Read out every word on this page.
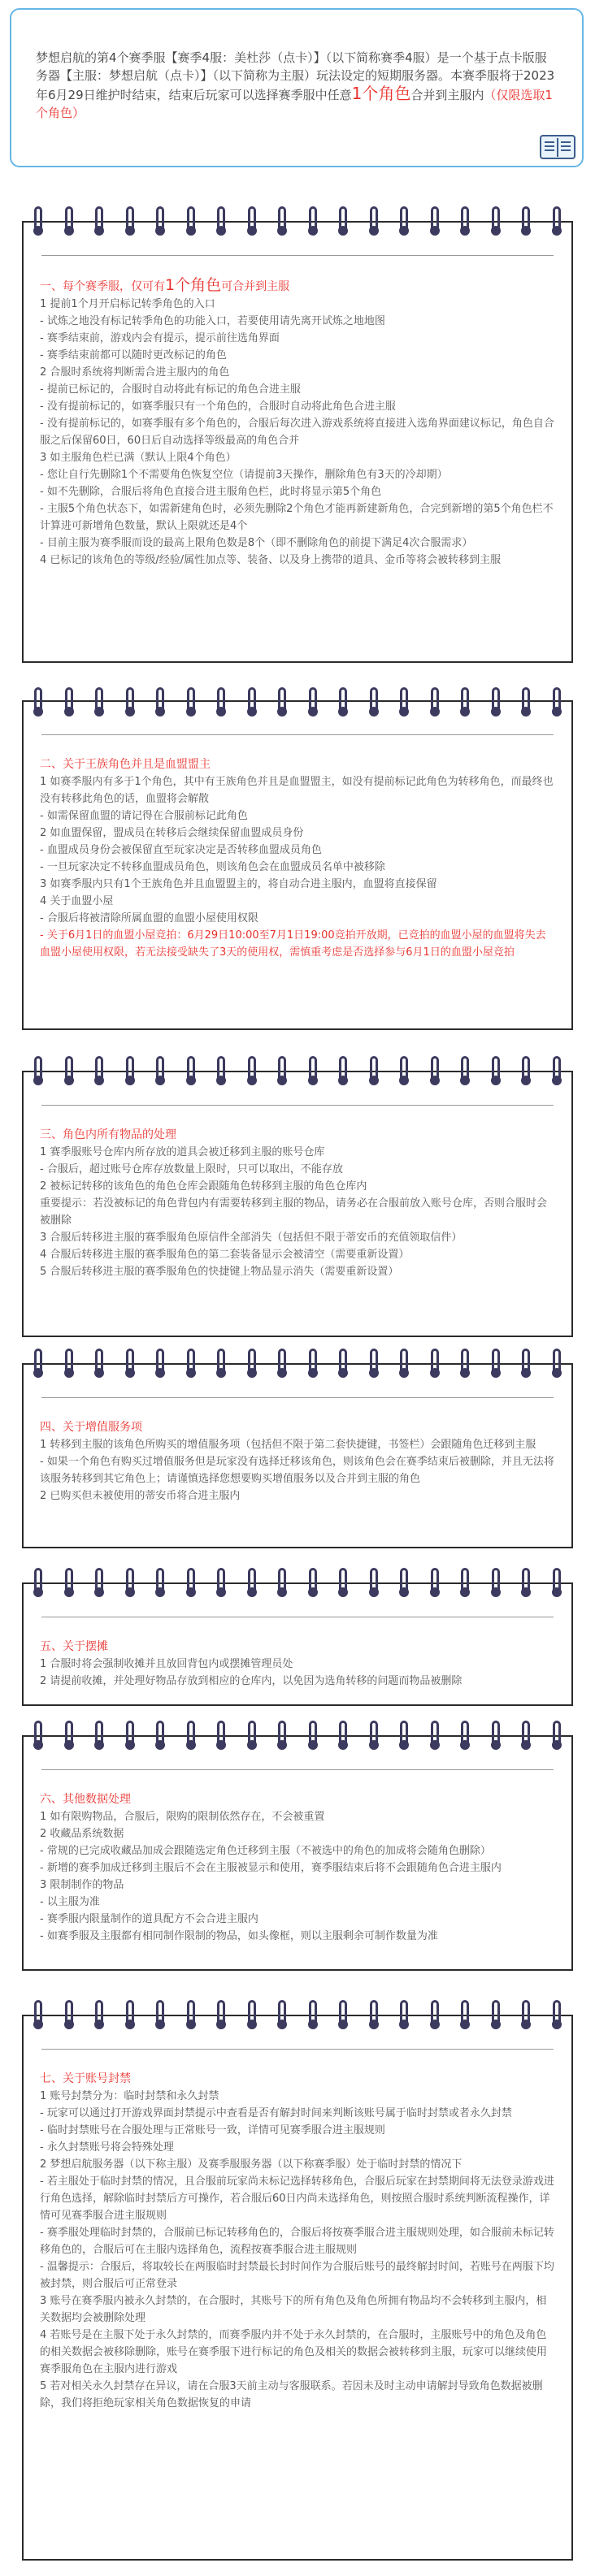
梦想启航的第4个赛季服【赛季4服：美杜莎（点卡）】（以下简称赛季4服）是一个基于点卡版服务器【主服：梦想启航（点卡）】（以下简称为主服）玩法设定的短期服务器。本赛季服将于2023年6月29日维护时结束，结束后玩家可以选择赛季服中任意1个角色合并到主服内（仅限选取1个角色）

一、每个赛季服，仅可有1个角色可合并到主服

1 提前1个月开启标记转季角色的入口

- 试炼之地没有标记转季角色的功能入口，若要使用请先离开试炼之地地图

- 赛季结束前，游戏内会有提示，提示前往选角界面

- 赛季结束前都可以随时更改标记的角色

2 合服时系统将判断需合进主服内的角色

- 提前已标记的，合服时自动将此有标记的角色合进主服

- 没有提前标记的，如赛季服只有一个角色的，合服时自动将此角色合进主服

- 没有提前标记的，如赛季服有多个角色的，合服后每次进入游戏系统将直接进入选角界面建议标记，角色自合服之后保留60日，60日后自动选择等级最高的角色合并

3 如主服角色栏已满（默认上限4个角色）

- 您让自行先删除1个不需要角色恢复空位（请提前3天操作，删除角色有3天的冷却期）

- 如不先删除，合服后将角色直接合进主服角色栏，此时将显示第5个角色

- 主服5个角色状态下，如需新建角色时，必须先删除2个角色才能再新建新角色，合完到新增的第5个角色栏不计算进可新增角色数量，默认上限就还是4个

- 目前主服为赛季服而设的最高上限角色数是8个（即不删除角色的前提下满足4次合服需求）

4 已标记的该角色的等级/经验/属性加点等、装备、以及身上携带的道具、金币等将会被转移到主服

二、关于王族角色并且是血盟盟主

1 如赛季服内有多于1个角色，其中有王族角色并且是血盟盟主，如没有提前标记此角色为转移角色，而最终也没有转移此角色的话，血盟将会解散

- 如需保留血盟的请记得在合服前标记此角色

2 如血盟保留，盟成员在转移后会继续保留血盟成员身份

- 血盟成员身份会被保留直至玩家决定是否转移血盟成员角色

- 一旦玩家决定不转移血盟成员角色，则该角色会在血盟成员名单中被移除

3 如赛季服内只有1个王族角色并且血盟盟主的，将自动合进主服内，血盟将直接保留

4 关于血盟小屋

- 合服后将被清除所属血盟的血盟小屋使用权限

- 关于6月1日的血盟小屋竞拍：6月29日10:00至7月1日19:00竞拍开放期，已竞拍的血盟小屋的血盟将失去血盟小屋使用权限，若无法接受缺失了3天的使用权，需慎重考虑是否选择参与6月1日的血盟小屋竞拍

三、角色内所有物品的处理

1 赛季服账号仓库内所存放的道具会被迁移到主服的账号仓库

- 合服后，超过账号仓库存放数量上限时，只可以取出，不能存放

2 被标记转移的该角色的角色仓库会跟随角色转移到主服的角色仓库内

重要提示：若没被标记的角色背包内有需要转移到主服的物品，请务必在合服前放入账号仓库，否则合服时会被删除

3 合服后转移进主服的赛季服角色原信件全部消失（包括但不限于蒂安币的充值领取信件）

4 合服后转移进主服的赛季服角色的第二套装备显示会被清空（需要重新设置）

5 合服后转移进主服的赛季服角色的快捷键上物品显示消失（需要重新设置）

四、关于增值服务项

1 转移到主服的该角色所购买的增值服务项（包括但不限于第二套快捷键，书签栏）会跟随角色迁移到主服

- 如果一个角色有购买过增值服务但是玩家没有选择迁移该角色，则该角色会在赛季结束后被删除，并且无法将该服务转移到其它角色上；请谨慎选择您想要购买增值服务以及合并到主服的角色

2 已购买但未被使用的蒂安币将合进主服内

五、关于摆摊

1 合服时将会强制收摊并且放回背包内或摆摊管理员处

2 请提前收摊，并处理好物品存放到相应的仓库内，以免因为选角转移的问题而物品被删除

六、其他数据处理

1 如有限购物品，合服后，限购的限制依然存在，不会被重置

2 收藏品系统数据

- 常规的已完成收藏品加成会跟随选定角色迁移到主服（不被选中的角色的加成将会随角色删除）

- 新增的赛季加成迁移到主服后不会在主服被显示和使用，赛季服结束后将不会跟随角色合进主服内

3 限制制作的物品

- 以主服为准

- 赛季服内限量制作的道具配方不会合进主服内

- 如赛季服及主服都有相同制作限制的物品，如头像框，则以主服剩余可制作数量为准

七、关于账号封禁

1 账号封禁分为：临时封禁和永久封禁

- 玩家可以通过打开游戏界面封禁提示中查看是否有解封时间来判断该账号属于临时封禁或者永久封禁

- 临时封禁账号在合服处理与正常账号一致，详情可见赛季服合进主服规则

- 永久封禁账号将会特殊处理

2 梦想启航服务器（以下称主服）及赛季服服务器（以下称赛季服）处于临时封禁的情况下

- 若主服处于临时封禁的情况，且合服前玩家尚未标记选择转移角色，合服后玩家在封禁期间将无法登录游戏进行角色选择，解除临时封禁后方可操作，若合服后60日内尚未选择角色，则按照合服时系统判断流程操作，详情可见赛季服合进主服规则

- 赛季服处理临时封禁的，合服前已标记转移角色的，合服后将按赛季服合进主服规则处理，如合服前未标记转移角色的，合服后可在主服内选择角色，流程按赛季服合进主服规则

- 温馨提示：合服后，将取较长在两服临时封禁最长封时间作为合服后账号的最终解封时间，若账号在两服下均被封禁，则合服后可正常登录

3 账号在赛季服内被永久封禁的，在合服时，其账号下的所有角色及角色所拥有物品均不会转移到主服内，相关数据均会被删除处理

4 若账号是在主服下处于永久封禁的，而赛季服内并不处于永久封禁的，在合服时，主服账号中的角色及角色的相关数据会被移除删除，账号在赛季服下进行标记的角色及相关的数据会被转移到主服，玩家可以继续使用赛季服角色在主服内进行游戏

5 若对相关永久封禁存在异议，请在合服3天前主动与客服联系。若因未及时主动申请解封导致角色数据被删除，我们将拒绝玩家相关角色数据恢复的申请
